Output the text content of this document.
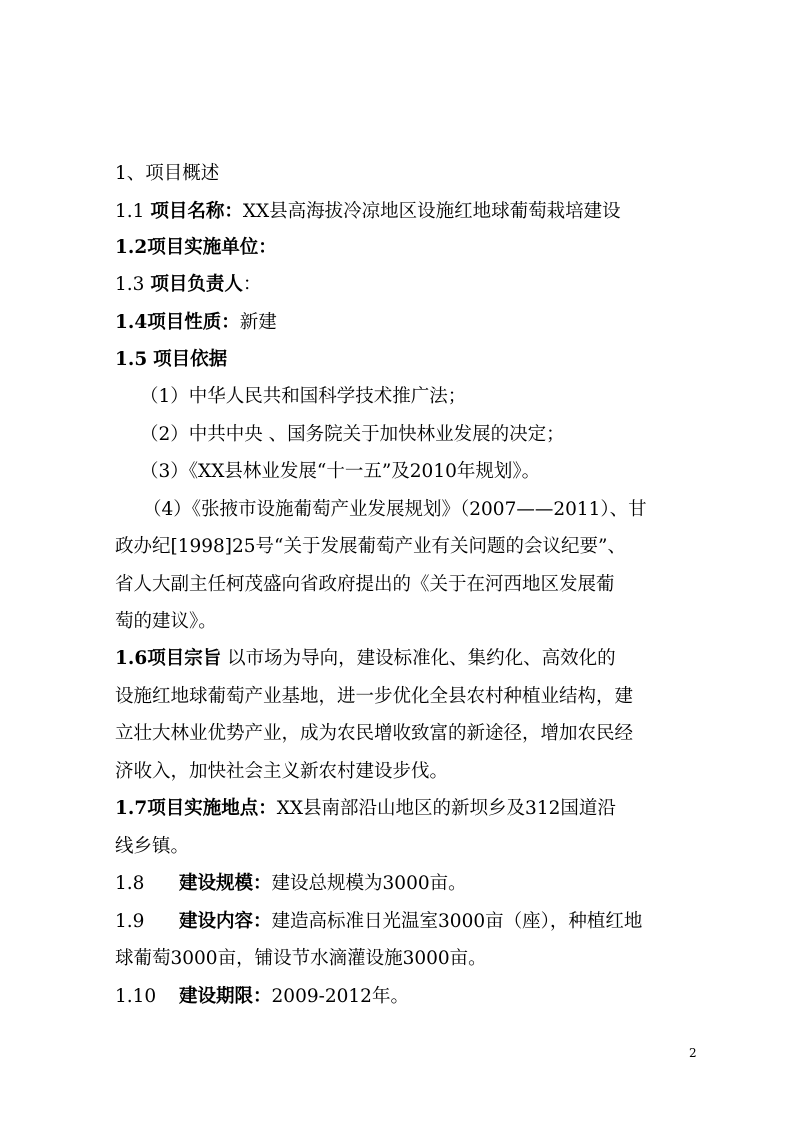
1、项目概述
1.1 项目名称：XX县高海拔冷凉地区设施红地球葡萄栽培建设
1.2项目实施单位：
1.3 项目负责人：
1.4项目性质：新建
1.5 项目依据
（1）中华人民共和国科学技术推广法；
（2）中共中央 、国务院关于加快林业发展的决定；
（3）《XX县林业发展“十一五”及2010年规划》。
（4）《张掖市设施葡萄产业发展规划》（2007——2011）、甘
政办纪[1998]25号“关于发展葡萄产业有关问题的会议纪要”、
省人大副主任柯茂盛向省政府提出的《关于在河西地区发展葡
萄的建议》。
1.6项目宗旨 以市场为导向，建设标准化、集约化、高效化的
设施红地球葡萄产业基地，进一步优化全县农村种植业结构，建
立壮大林业优势产业，成为农民增收致富的新途径，增加农民经
济收入，加快社会主义新农村建设步伐。
1.7项目实施地点：XX县南部沿山地区的新坝乡及312国道沿
线乡镇。
1.8 建设规模：建设总规模为3000亩。
1.9 建设内容：建造高标准日光温室3000亩（座），种植红地
球葡萄3000亩，铺设节水滴灌设施3000亩。
1.10 建设期限：2009-2012年。
2
